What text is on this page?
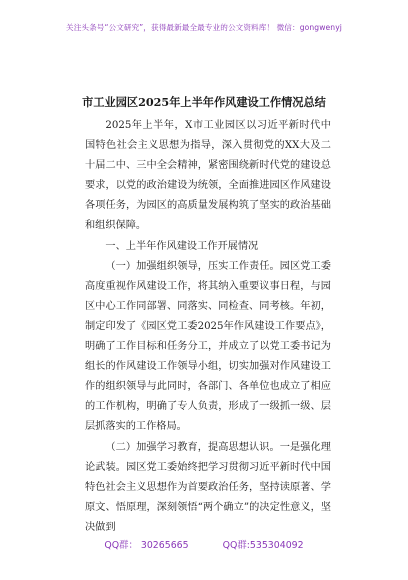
关注头条号“公文研究”，获得最新最全最专业的公文资料库！ 微信：gongwenyj
市工业园区2025年上半年作风建设工作情况总结

2025年上半年，X市工业园区以习近平新时代中国特色社会主义思想为指导，深入贯彻党的XX大及二十届二中、三中全会精神，紧密围绕新时代党的建设总要求，以党的政治建设为统领，全面推进园区作风建设各项任务，为园区的高质量发展构筑了坚实的政治基础和组织保障。

一、上半年作风建设工作开展情况

（一）加强组织领导，压实工作责任。园区党工委高度重视作风建设工作，将其纳入重要议事日程，与园区中心工作同部署、同落实、同检查、同考核。年初，制定印发了《园区党工委2025年作风建设工作要点》，明确了工作目标和任务分工，并成立了以党工委书记为组长的作风建设工作领导小组，切实加强对作风建设工作的组织领导与此同时，各部门、各单位也成立了相应的工作机构，明确了专人负责，形成了一级抓一级、层层抓落实的工作格局。

（二）加强学习教育，提高思想认识。一是强化理论武装。园区党工委始终把学习贯彻习近平新时代中国特色社会主义思想作为首要政治任务，坚持读原著、学原文、悟原理，深刻领悟“两个确立”的决定性意义，坚决做到

QQ群： 30265665	QQ群:535304092
